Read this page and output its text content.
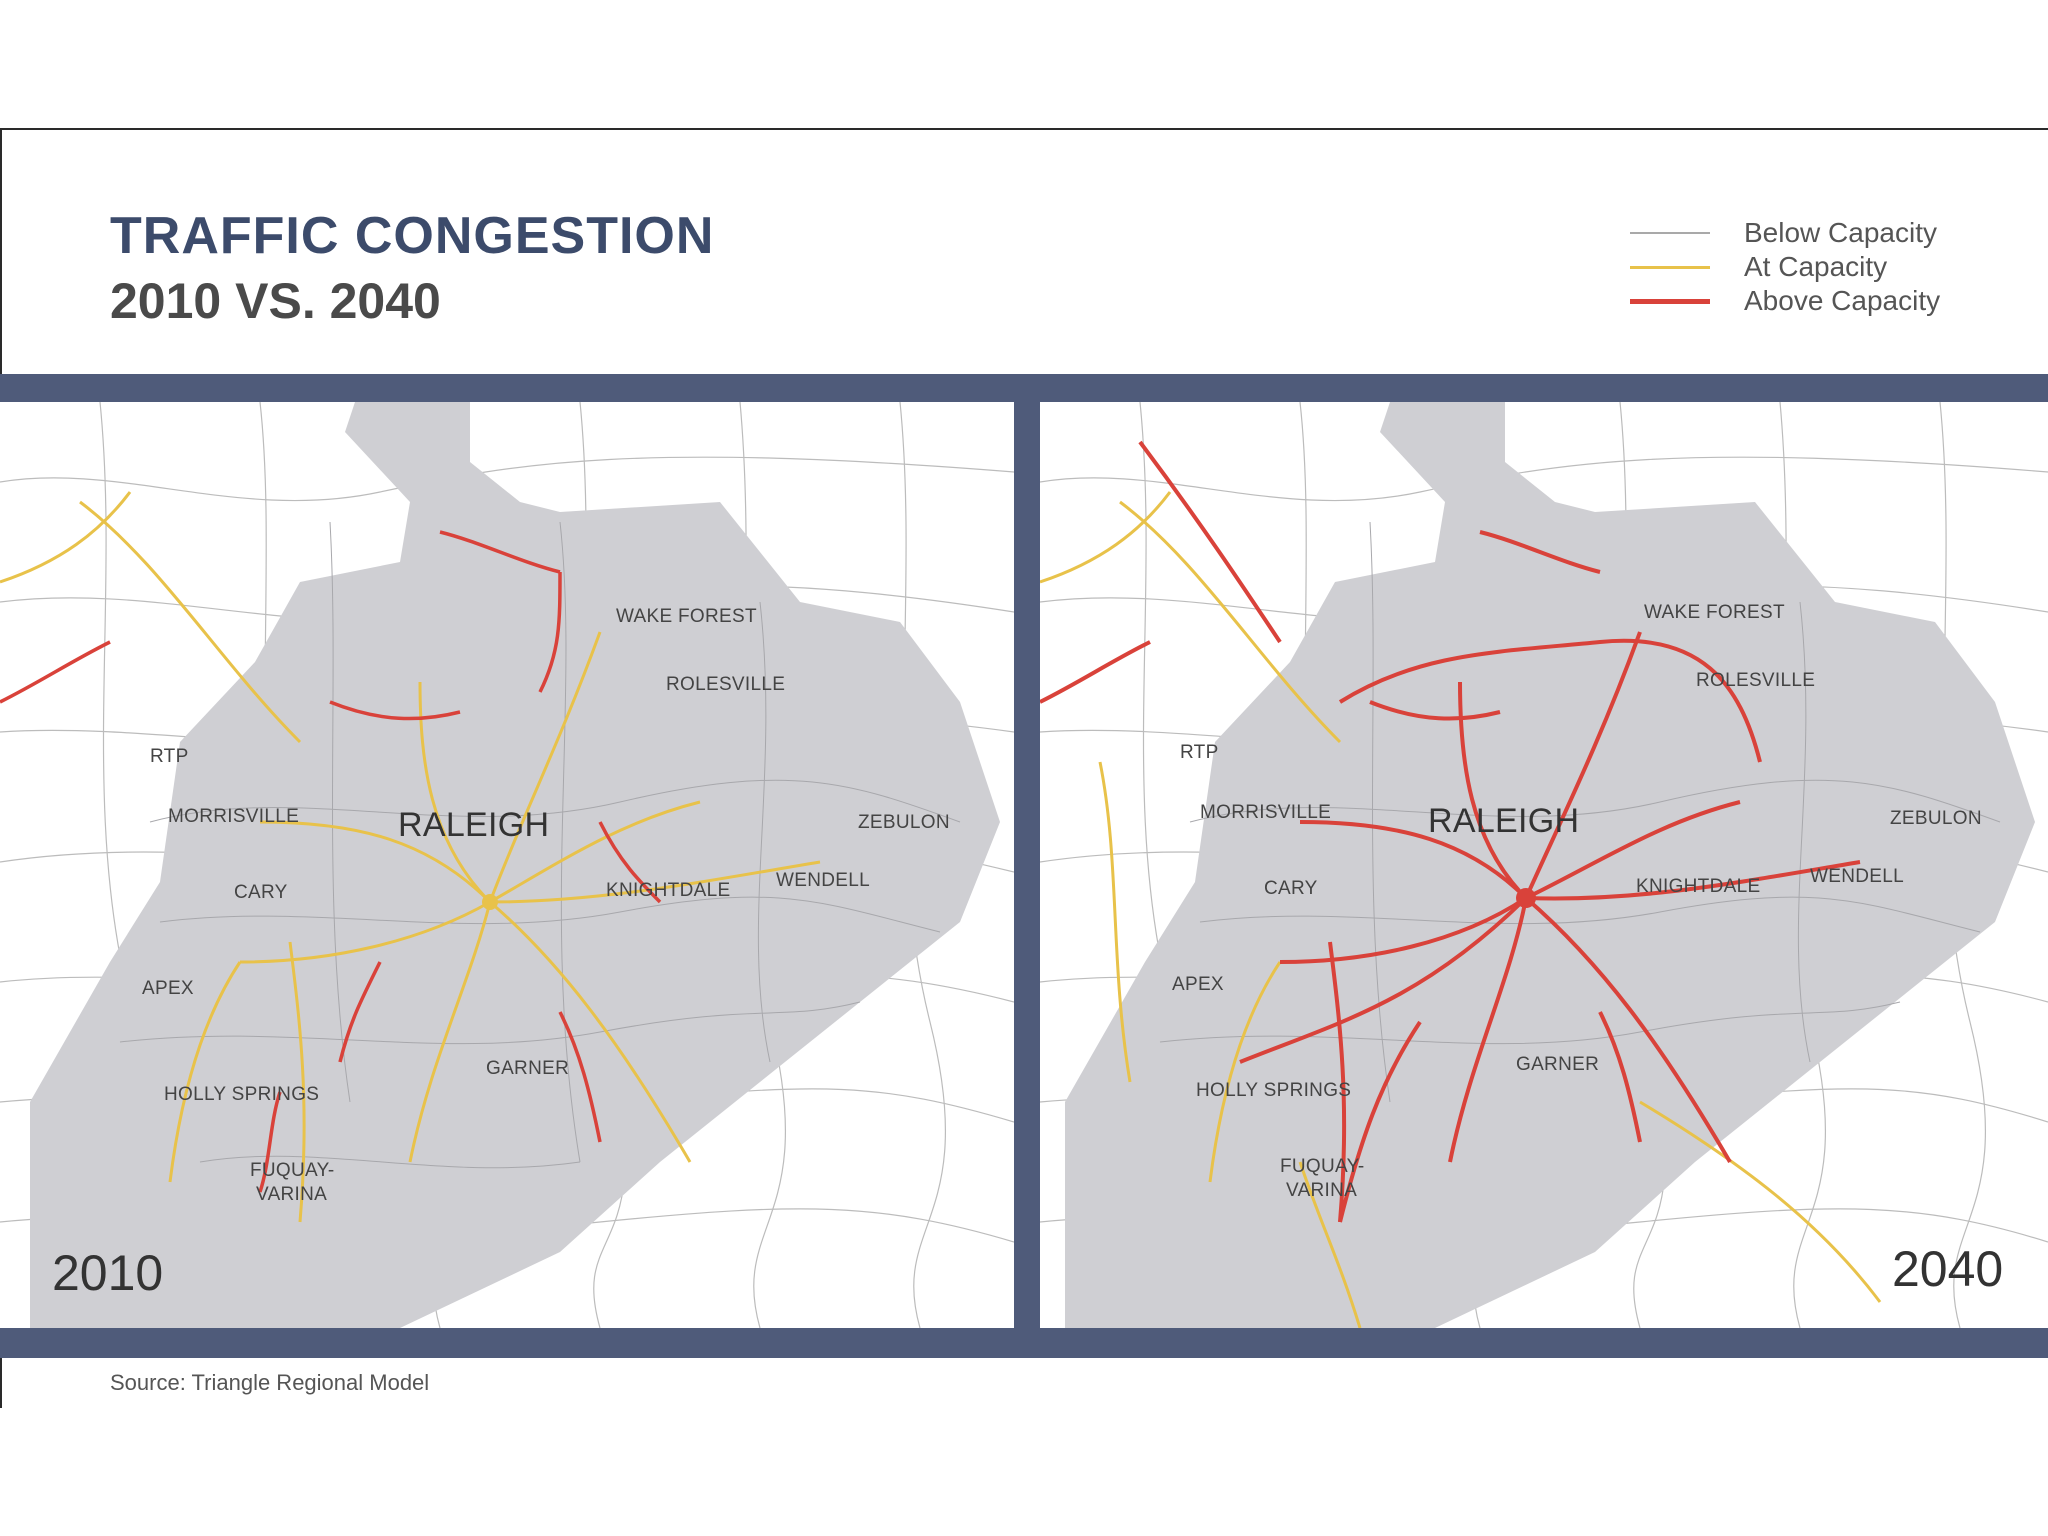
TRAFFIC CONGESTION
2010 VS. 2040
Below Capacity
At Capacity
Above Capacity
RTP
MORRISVILLE	RALEIGH
CARY
APEX
HOLLY SPRINGS
FUQUAY-
VARINA
WAKE FOREST
ROLESVILLE
ZEBULON
WENDELL
KNIGHTDALE
GARNER
2010
RTP
MORRISVILLE	RALEIGH
CARY
APEX
HOLLY SPRINGS
FUQUAY-
VARINA
WAKE FOREST
ROLESVILLE
ZEBULON
WENDELL
KNIGHTDALE
GARNER
2040
Source: Triangle Regional Model
